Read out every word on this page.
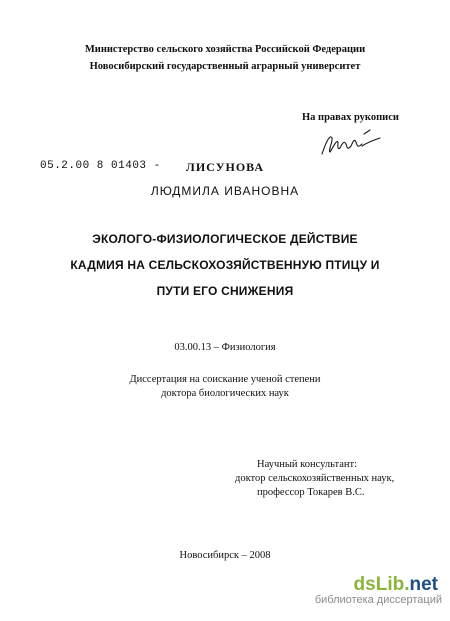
Министерство сельского хозяйства Российской Федерации
Новосибирский государственный аграрный университет
На правах рукописи
05.2.00 8 01403 -	ЛИСУНОВА
ЛЮДМИЛА ИВАНОВНА
ЭКОЛОГО-ФИЗИОЛОГИЧЕСКОЕ ДЕЙСТВИЕ
КАДМИЯ НА СЕЛЬСКОХОЗЯЙСТВЕННУЮ ПТИЦУ И
ПУТИ ЕГО СНИЖЕНИЯ
03.00.13 – Физиология
Диссертация на соискание ученой степени
доктора биологических наук
Научный консультант:
доктор сельскохозяйственных наук,
профессор Токарев В.С.
Новосибирск – 2008
dsLib.net
библиотека диссертаций
